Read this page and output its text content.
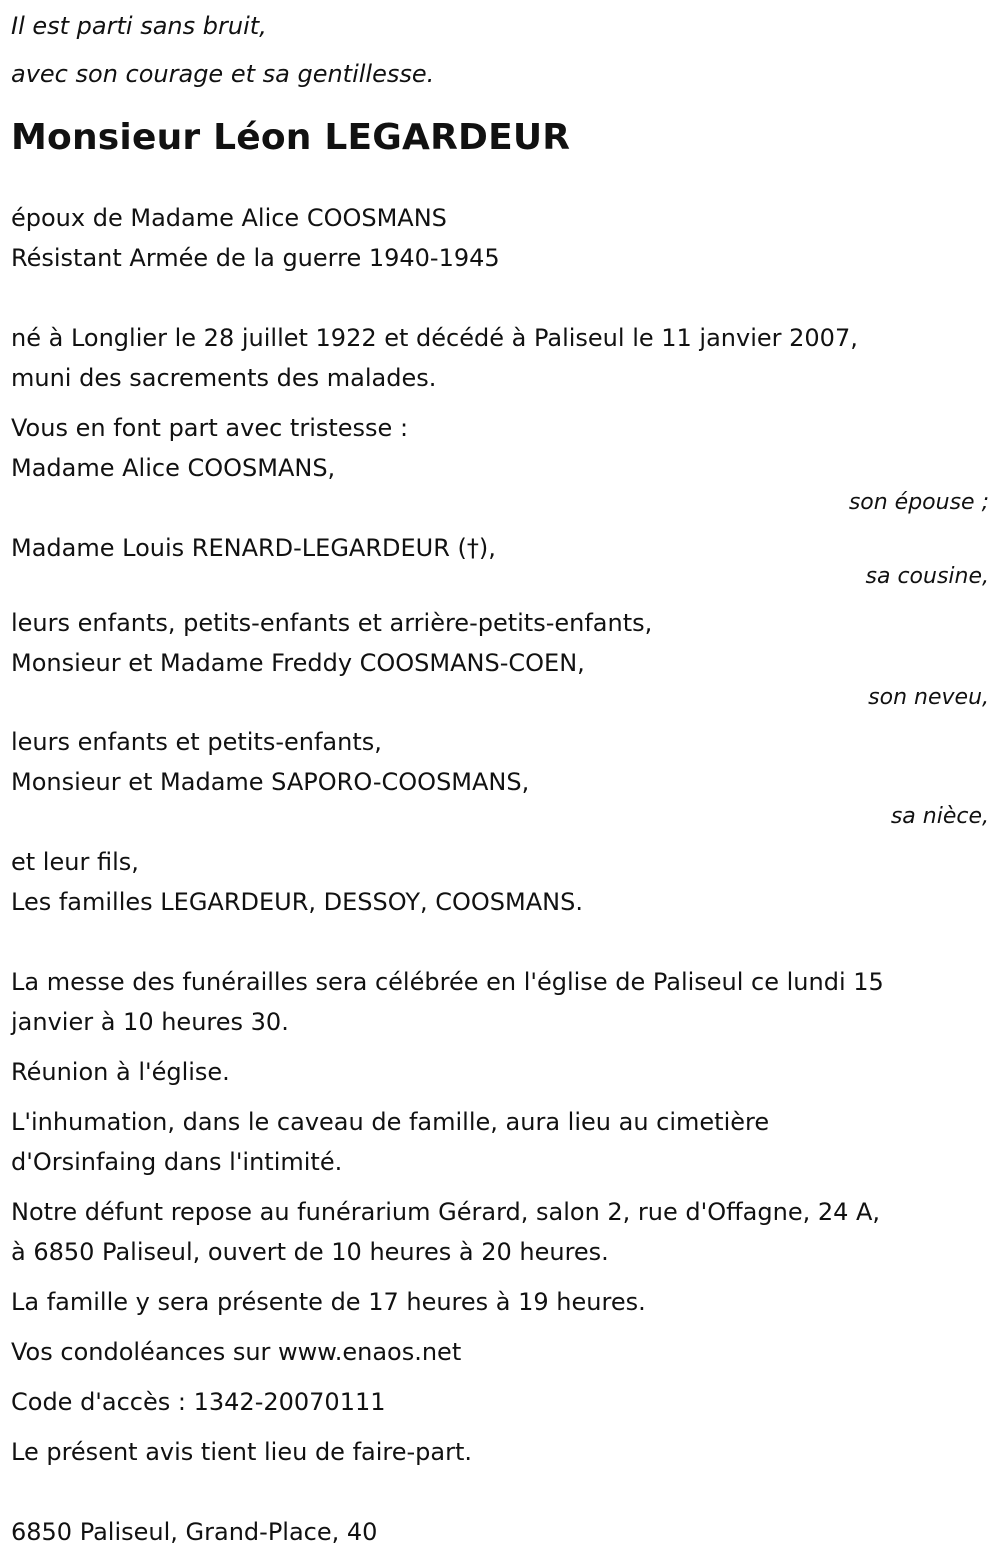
Il est parti sans bruit,
avec son courage et sa gentillesse.
Monsieur Léon LEGARDEUR
époux de Madame Alice COOSMANS
Résistant Armée de la guerre 1940-1945
né à Longlier le 28 juillet 1922 et décédé à Paliseul le 11 janvier 2007,
muni des sacrements des malades.
Vous en font part avec tristesse :
Madame Alice COOSMANS,
son épouse ;
Madame Louis RENARD-LEGARDEUR (†),
sa cousine,
leurs enfants, petits-enfants et arrière-petits-enfants,
Monsieur et Madame Freddy COOSMANS-COEN,
son neveu,
leurs enfants et petits-enfants,
Monsieur et Madame SAPORO-COOSMANS,
sa nièce,
et leur fils,
Les familles LEGARDEUR, DESSOY, COOSMANS.
La messe des funérailles sera célébrée en l'église de Paliseul ce lundi 15
janvier à 10 heures 30.
Réunion à l'église.
L'inhumation, dans le caveau de famille, aura lieu au cimetière
d'Orsinfaing dans l'intimité.
Notre défunt repose au funérarium Gérard, salon 2, rue d'Offagne, 24 A,
à 6850 Paliseul, ouvert de 10 heures à 20 heures.
La famille y sera présente de 17 heures à 19 heures.
Vos condoléances sur www.enaos.net
Code d'accès : 1342-20070111
Le présent avis tient lieu de faire-part.
6850 Paliseul, Grand-Place, 40
